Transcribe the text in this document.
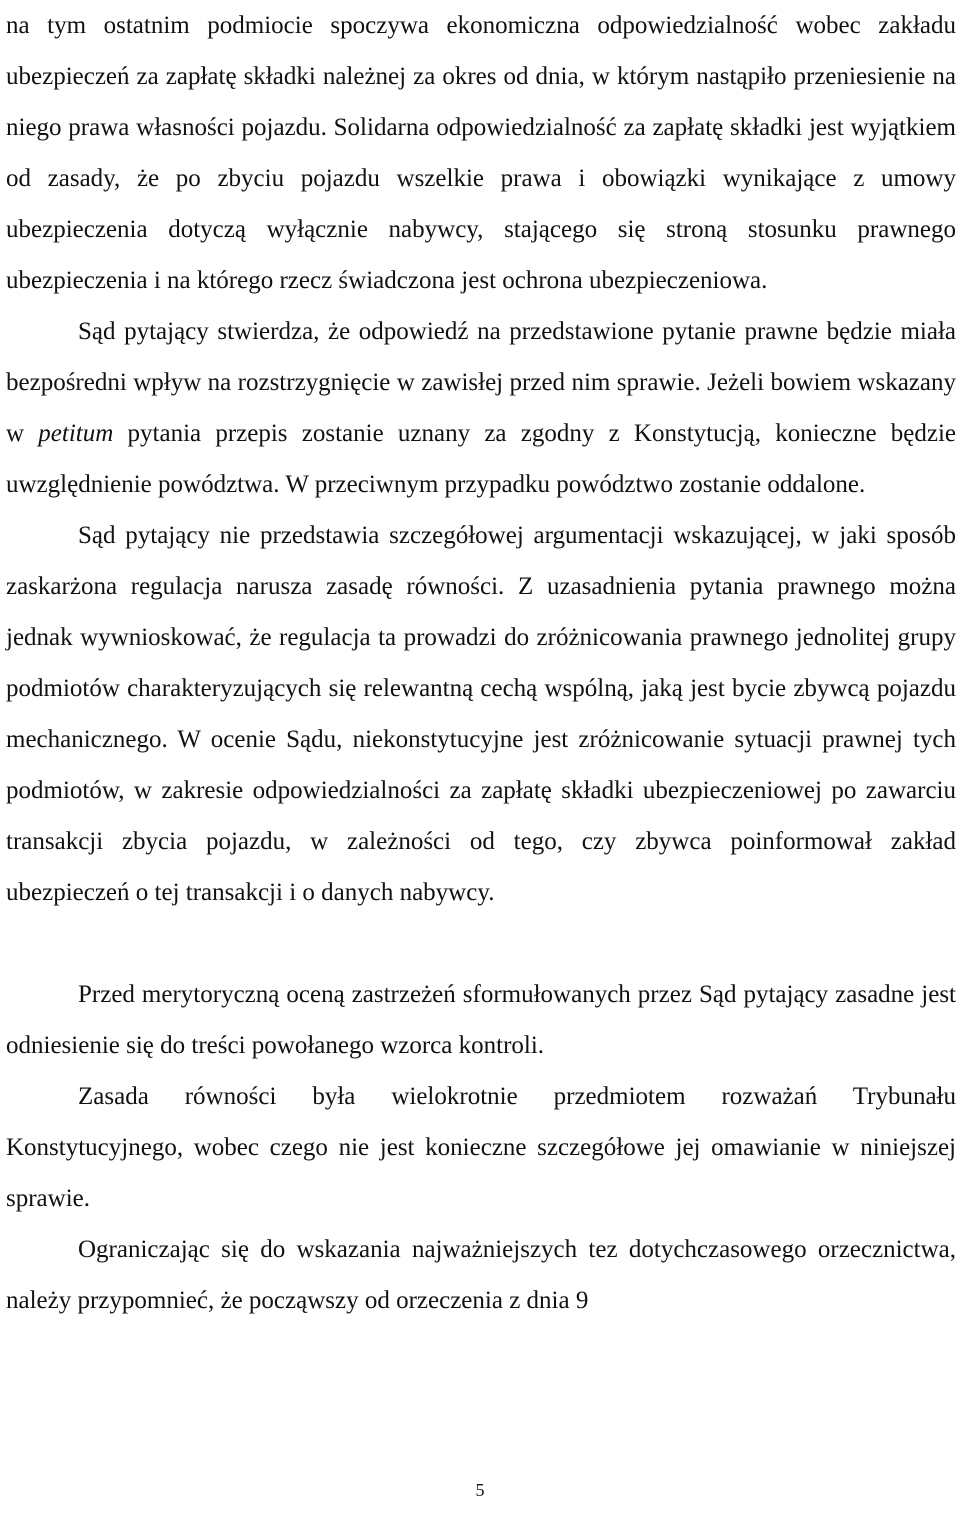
na tym ostatnim podmiocie spoczywa ekonomiczna odpowiedzialność wobec zakładu ubezpieczeń za zapłatę składki należnej za okres od dnia, w którym nastąpiło przeniesienie na niego prawa własności pojazdu. Solidarna odpowiedzialność za zapłatę składki jest wyjątkiem od zasady, że po zbyciu pojazdu wszelkie prawa i obowiązki wynikające z umowy ubezpieczenia dotyczą wyłącznie nabywcy, stającego się stroną stosunku prawnego ubezpieczenia i na którego rzecz świadczona jest ochrona ubezpieczeniowa.

Sąd pytający stwierdza, że odpowiedź na przedstawione pytanie prawne będzie miała bezpośredni wpływ na rozstrzygnięcie w zawisłej przed nim sprawie. Jeżeli bowiem wskazany w petitum pytania przepis zostanie uznany za zgodny z Konstytucją, konieczne będzie uwzględnienie powództwa. W przeciwnym przypadku powództwo zostanie oddalone.

Sąd pytający nie przedstawia szczegółowej argumentacji wskazującej, w jaki sposób zaskarżona regulacja narusza zasadę równości. Z uzasadnienia pytania prawnego można jednak wywnioskować, że regulacja ta prowadzi do zróżnicowania prawnego jednolitej grupy podmiotów charakteryzujących się relewantną cechą wspólną, jaką jest bycie zbywcą pojazdu mechanicznego. W ocenie Sądu, niekonstytucyjne jest zróżnicowanie sytuacji prawnej tych podmiotów, w zakresie odpowiedzialności za zapłatę składki ubezpieczeniowej po zawarciu transakcji zbycia pojazdu, w zależności od tego, czy zbywca poinformował zakład ubezpieczeń o tej transakcji i o danych nabywcy.

Przed merytoryczną oceną zastrzeżeń sformułowanych przez Sąd pytający zasadne jest odniesienie się do treści powołanego wzorca kontroli.

Zasada równości była wielokrotnie przedmiotem rozważań Trybunału Konstytucyjnego, wobec czego nie jest konieczne szczegółowe jej omawianie w niniejszej sprawie.

Ograniczając się do wskazania najważniejszych tez dotychczasowego orzecznictwa, należy przypomnieć, że począwszy od orzeczenia z dnia 9

5
